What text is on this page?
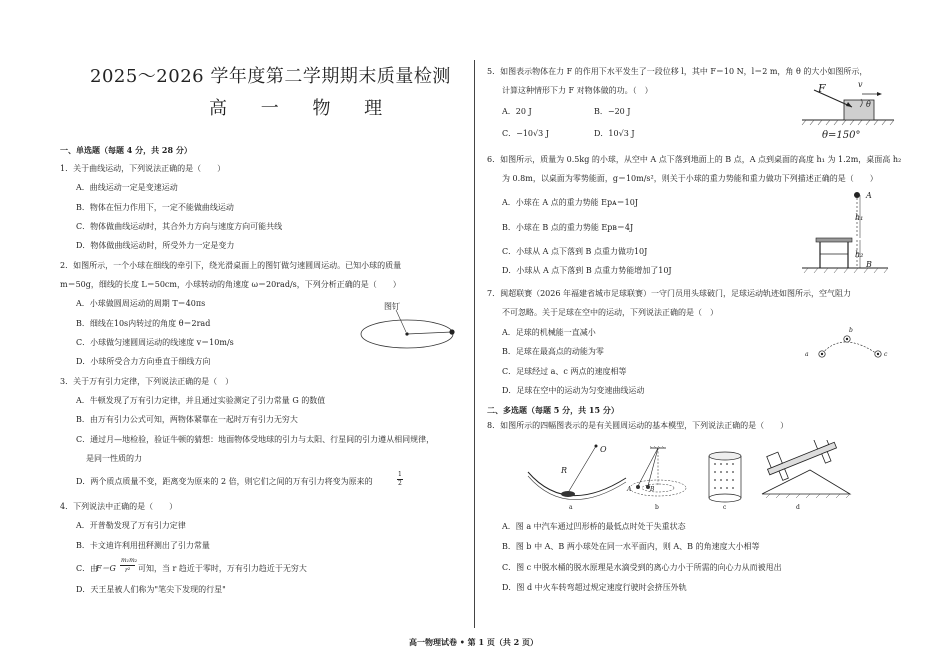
2025～2026 学年度第二学期期末质量检测
高 一 物 理
一、单选题（每题 4 分，共 28 分）
1．关于曲线运动，下列说法正确的是（　　）
A．曲线运动一定是变速运动
B．物体在恒力作用下，一定不能做曲线运动
C．物体做曲线运动时，其合外力方向与速度方向可能共线
D．物体做曲线运动时，所受外力一定是变力
2．如图所示，一个小球在细线的牵引下，绕光滑桌面上的图钉做匀速圆周运动。已知小球的质量
m＝50g，细线的长度 L＝50cm，小球转动的角速度 ω＝20rad/s，下列分析正确的是（　　）
A．小球做圆周运动的周期 T＝40πs
B．细线在10s内转过的角度 θ＝2rad
C．小球做匀速圆周运动的线速度 v＝10m/s
D．小球所受合力方向垂直于细线方向
图钉
3．关于万有引力定律，下列说法正确的是（　）
A．牛顿发现了万有引力定律，并且通过实验测定了引力常量 G 的数值
B．由万有引力公式可知，两物体紧靠在一起时万有引力无穷大
C．通过月—地检验，验证牛顿的猜想：地面物体受地球的引力与太阳、行星间的引力遵从相同规律，
是同一性质的力
D．两个质点质量不变，距离变为原来的 2 倍，则它们之间的万有引力将变为原来的
1
2
4．下列说法中正确的是（　　）
A．开普勒发现了万有引力定律
B．卡文迪许利用扭秤测出了引力常量
C．由
F＝G
m₁m₂
r² 可知，当 r 趋近于零时，万有引力趋近于无穷大
D．天王星被人们称为"笔尖下发现的行星"
5．如图表示物体在力 F 的作用下水平发生了一段位移 l，其中 F＝10 N，l＝2 m，角 θ 的大小如图所示，
计算这种情形下力 F 对物体做的功。（　）
A．20 J	B．−20 J
C．−10√3 J	D．10√3 J
F	v
θ
θ=150°
6．如图所示，质量为 0.5kg 的小球，从空中 A 点下落到地面上的 B 点，A 点到桌面的高度 h₁ 为 1.2m，桌面高 h₂
为 0.8m，以桌面为零势能面，g＝10m/s²，则关于小球的重力势能和重力做功下列描述正确的是（　　）
A．小球在 A 点的重力势能 Epᴀ＝10J
B．小球在 B 点的重力势能 Epʙ＝4J
C．小球从 A 点下落到 B 点重力做功10J
D．小球从 A 点下落到 B 点重力势能增加了10J
A
h₁
h₂
B
7．闽超联赛（2026 年福建省城市足球联赛）一守门员用头球破门，足球运动轨迹如图所示，空气阻力
不可忽略。关于足球在空中的运动，下列说法正确的是（　）
A．足球的机械能一直减小
B．足球在最高点的动能为零
C．足球经过 a、c 两点的速度相等
D．足球在空中的运动为匀变速曲线运动
a
b
c
二、多选题（每题 5 分，共 15 分）
8．如图所示的四幅图表示的是有关圆周运动的基本模型，下列说法正确的是（　　）
O
R
a
A	B
b	c	d
A．图 a 中汽车通过凹形桥的最低点时处于失重状态
B．图 b 中 A、B 两小球处在同一水平面内，则 A、B 的角速度大小相等
C．图 c 中脱水桶的脱水原理是水滴受到的离心力小于所需的向心力从而被甩出
D．图 d 中火车转弯超过规定速度行驶时会挤压外轨
高一物理试卷 • 第 1 页（共 2 页）
